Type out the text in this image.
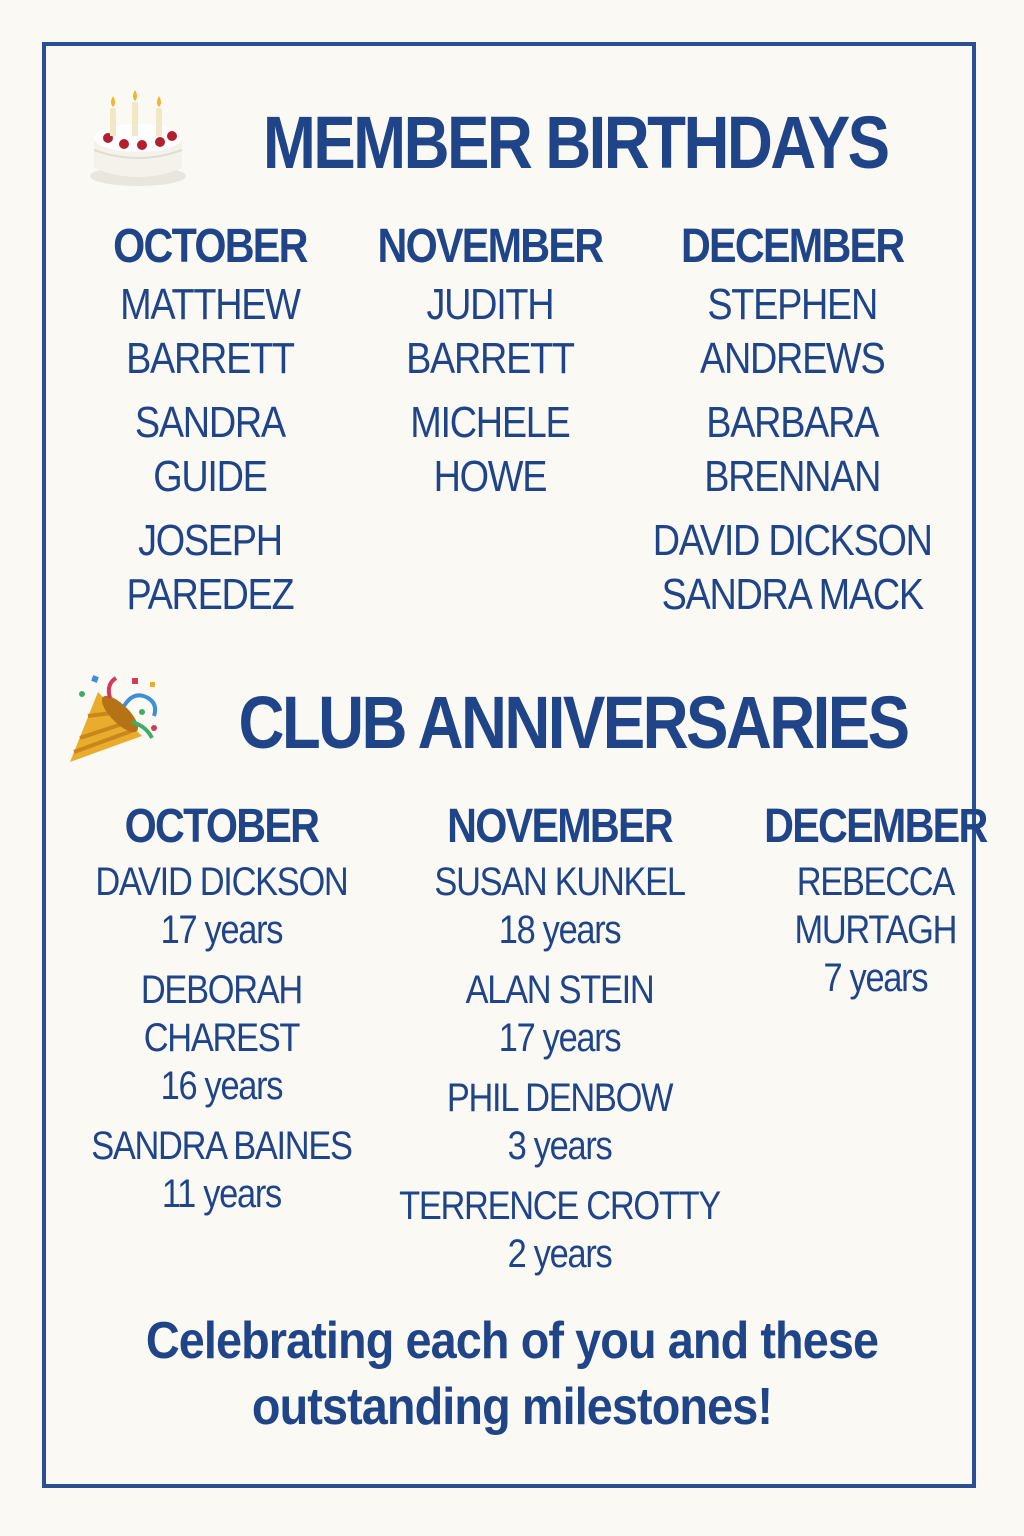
MEMBER BIRTHDAYS
OCTOBER
MATTHEW
BARRETT
SANDRA
GUIDE
JOSEPH
PAREDEZ
NOVEMBER
JUDITH
BARRETT
MICHELE
HOWE
DECEMBER
STEPHEN
ANDREWS
BARBARA
BRENNAN
DAVID DICKSON
SANDRA MACK
CLUB ANNIVERSARIES
OCTOBER
DAVID DICKSON
17 years
DEBORAH
CHAREST
16 years
SANDRA BAINES
11 years
NOVEMBER
SUSAN KUNKEL
18 years
ALAN STEIN
17 years
PHIL DENBOW
3 years
TERRENCE CROTTY
2 years
DECEMBER
REBECCA
MURTAGH
7 years
Celebrating each of you and these
outstanding milestones!
